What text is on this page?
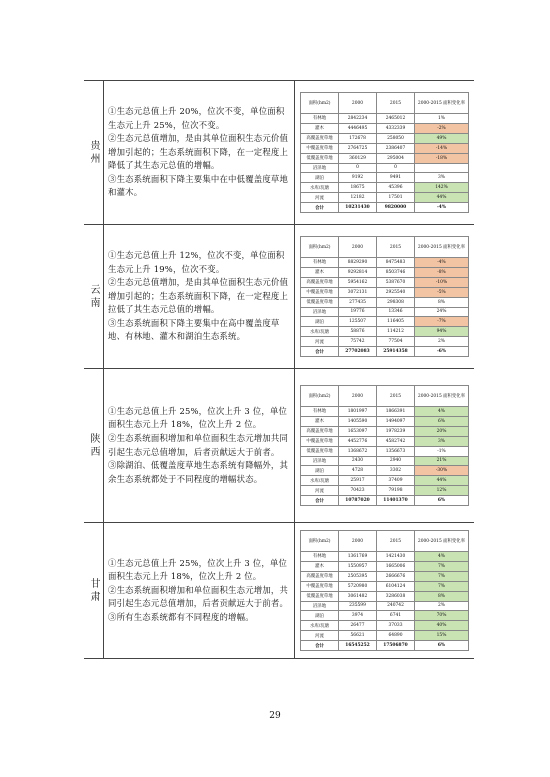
贵州
①生态元总值上升 20%，位次不变，单位面积生态元上升 25%，位次不变。
②生态元总值增加，是由其单位面积生态元价值增加引起的；生态系统面积下降，在一定程度上降低了其生态元总值的增幅。
③生态系统面积下降主要集中在中低覆盖度草地和灌木。
面积(hm2)	2000	2015	2000-2015 面积变化率
有林地	2842234	2465012	1%
灌木	4446495	4332339	-2%
高覆盖度草地	172678	258050	49%
中覆盖度草地	2764725	2386407	-14%
低覆盖度草地	360129	295004	-18%
沼泽地	0	0	
湖泊	9192	9491	3%
水库/坑塘	18675	45396	142%
河流	12182	17501	44%
合计	10231430	9820000	-4%
云南
①生态元总值上升 12%，位次不变，单位面积生态元上升 19%，位次不变。
②生态元总值增加，是由其单位面积生态元价值增加引起的；生态系统面积下降，在一定程度上拉低了其生态元总值的增幅。
③生态系统面积下降主要集中在高中覆盖度草地、有林地、灌木和湖泊生态系统。
面积(hm2)	2000	2015	2000-2015 面积变化率
有林地	8829290	8475483	-4%
灌木	9292814	8503746	-8%
高覆盖度草地	5954162	5387670	-10%
中覆盖度草地	3072131	2925540	-5%
低覆盖度草地	277435	298308	8%
沼泽地	19776	13346	24%
湖泊	125507	116405	-7%
水库/坑塘	58876	114212	94%
河流	75742	77504	2%
合计	27702083	25914358	-6%
陕西
①生态元总值上升 25%，位次上升 3 位，单位面积生态元上升 18%，位次上升 2 位。
②生态系统面积增加和单位面积生态元增加共同引起生态元总值增加，后者贡献远大于前者。
③除湖泊、低覆盖度草地生态系统有降幅外，其余生态系统都处于不同程度的增幅状态。
面积(hm2)	2000	2015	2000-2015 面积变化率
有林地	1801997	1866391	4%
灌木	1405590	1494097	6%
高覆盖度草地	1653097	1978239	20%
中覆盖度草地	4452776	4582742	3%
低覆盖度草地	1368672	1356673	-1%
沼泽地	2430	2940	21%
湖泊	4728	3302	-30%
水库/坑塘	25917	37409	44%
河流	70423	79198	12%
合计	10787020	11401370	6%
甘肃
①生态元总值上升 25%，位次上升 3 位，单位面积生态元上升 18%，位次上升 2 位。
②生态系统面积增加和单位面积生态元增加，共同引起生态元总值增加，后者贡献远大于前者。
③所有生态系统都有不同程度的增幅。
面积(hm2)	2000	2015	2000-2015 面积变化率
有林地	1361769	1421430	4%
灌木	1550957	1665006	7%
高覆盖度草地	2505395	2666676	7%
中覆盖度草地	5720980	6104124	7%
低覆盖度草地	3061482	3286038	8%
沼泽地	235599	240742	2%
湖泊	3974	6741	70%
水库/坑塘	26477	37033	40%
河流	56621	64890	15%
合计	16545252	17506870	6%
29
